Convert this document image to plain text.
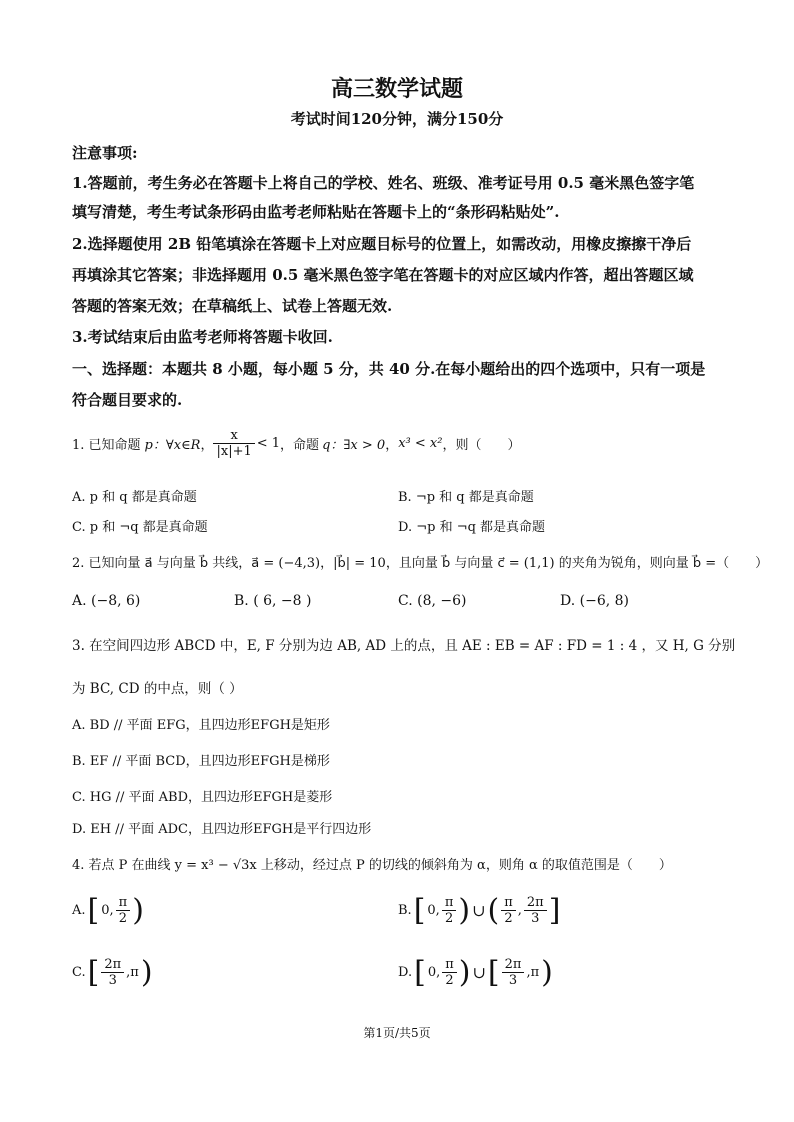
高三数学试题
考试时间120分钟，满分150分
注意事项:
1.答题前，考生务必在答题卡上将自己的学校、姓名、班级、准考证号用 0.5 毫米黑色签字笔
填写清楚，考生考试条形码由监考老师粘贴在答题卡上的“条形码粘贴处”.
2.选择题使用 2B 铅笔填涂在答题卡上对应题目标号的位置上，如需改动，用橡皮擦擦干净后
再填涂其它答案；非选择题用 0.5 毫米黑色签字笔在答题卡的对应区域内作答，超出答题区域
答题的答案无效；在草稿纸上、试卷上答题无效.
3.考试结束后由监考老师将答题卡收回.
一、选择题：本题共 8 小题，每小题 5 分，共 40 分.在每小题给出的四个选项中，只有一项是
符合题目要求的.
1. 已知命题 p：∀x∈R ， $\frac{x}{|x|+1} < 1$ ，命题 q：∃x > 0 ， x³ < x² ，则（　　）
A. p 和 q 都是真命题	B. ¬p 和 q 都是真命题
C. p 和 ¬q 都是真命题	D. ¬p 和 ¬q 都是真命题
2. 已知向量 a⃗ 与向量 b⃗ 共线，a⃗ = (−4,3)，|b⃗| = 10，且向量 b⃗ 与向量 c⃗ = (1,1) 的夹角为锐角，则向量 b⃗ =（　　）
A. (−8, 6)	B. ( 6, −8 )	C. (8, −6)	D. (−6, 8)
3. 在空间四边形 ABCD 中，E, F 分别为边 AB, AD 上的点，且 AE : EB = AF : FD = 1 : 4 ，又 H, G 分别
为 BC, CD 的中点，则（ ）
A. BD // 平面 EFG，且四边形EFGH是矩形
B. EF // 平面 BCD，且四边形EFGH是梯形
C. HG // 平面 ABD，且四边形EFGH是菱形
D. EH // 平面 ADC，且四边形EFGH是平行四边形
4. 若点 P 在曲线 y = x³ − √3x 上移动，经过点 P 的切线的倾斜角为 α，则角 α 的取值范围是（　　）
A. [ 0, $\frac{\pi}{2}$ )	B. [ 0, $\frac{\pi}{2}$ ) ∪ ( $\frac{\pi}{2}$ , $\frac{2\pi}{3}$ ]
C. [ $\frac{2\pi}{3} ,\pi$ )	D. [ 0, $\frac{\pi}{2}$ ) ∪ [ $\frac{2\pi}{3} ,\pi$ )
第1页/共5页
